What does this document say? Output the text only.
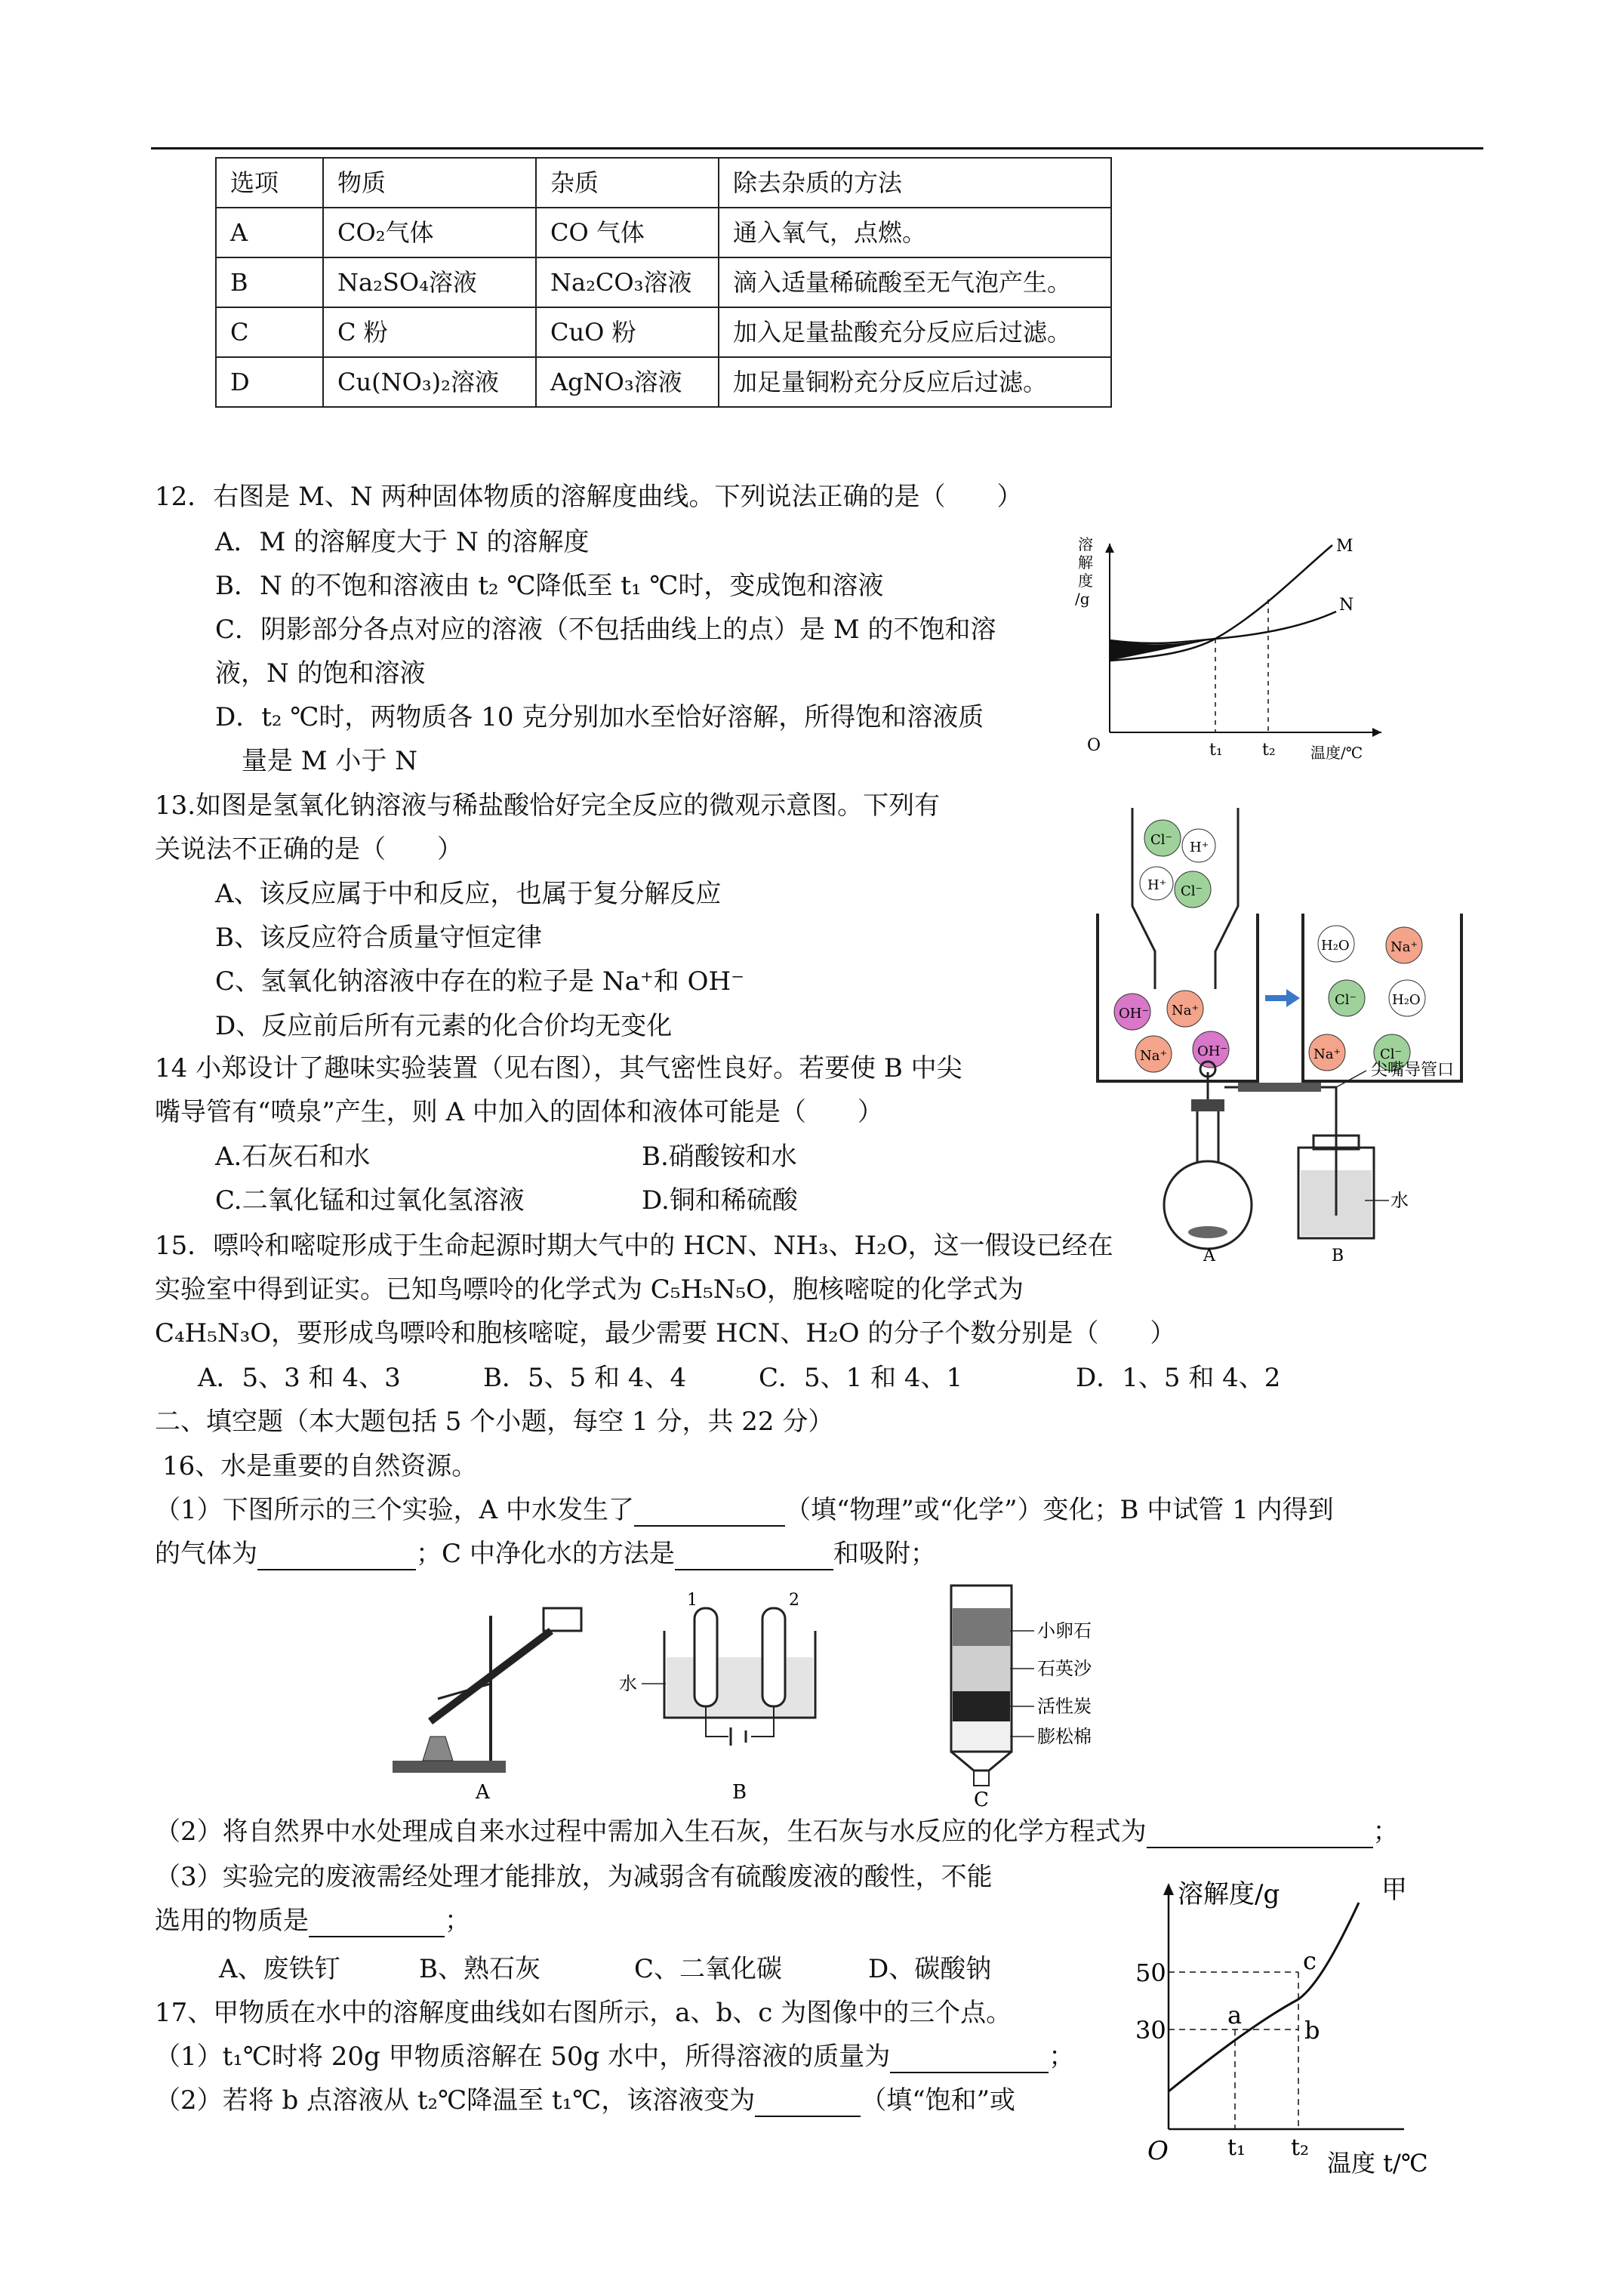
选项	物质	杂质	除去杂质的方法
A	CO₂气体	CO 气体	通入氧气，点燃。
B	Na₂SO₄溶液	Na₂CO₃溶液	滴入适量稀硫酸至无气泡产生。
C	C 粉	CuO 粉	加入足量盐酸充分反应后过滤。
D	Cu(NO₃)₂溶液	AgNO₃溶液	加足量铜粉充分反应后过滤。
12．右图是 M、N 两种固体物质的溶解度曲线。下列说法正确的是（　　）
A．M 的溶解度大于 N 的溶解度
B．N 的不饱和溶液由 t₂ ℃降低至 t₁ ℃时，变成饱和溶液
C．阴影部分各点对应的溶液（不包括曲线上的点）是 M 的不饱和溶
液，N 的饱和溶液
D．t₂ ℃时，两物质各 10 克分别加水至恰好溶解，所得饱和溶液质
量是 M 小于 N
溶
解
度
/g
O	t₁ t₂ 温度/℃
M
N
13.如图是氢氧化钠溶液与稀盐酸恰好完全反应的微观示意图。下列有
关说法不正确的是（　　）
A、该反应属于中和反应，也属于复分解反应
B、该反应符合质量守恒定律
C、氢氧化钠溶液中存在的粒子是 Na⁺和 OH⁻
D、反应前后所有元素的化合价均无变化
Cl⁻ H⁺
H⁺ Cl⁻
OH⁻ Na⁺
Na⁺ OH⁻
H₂O	Na⁺
Cl⁻	H₂O
Na⁺	Cl⁻
14 小郑设计了趣味实验装置（见右图），其气密性良好。若要使 B 中尖
嘴导管有“喷泉”产生，则 A 中加入的固体和液体可能是（　　）
A.石灰石和水	B.硝酸铵和水
C.二氧化锰和过氧化氢溶液	D.铜和稀硫酸
尖嘴导管口
水
A	B
15．嘌呤和嘧啶形成于生命起源时期大气中的 HCN、NH₃、H₂O，这一假设已经在
实验室中得到证实。已知鸟嘌呤的化学式为 C₅H₅N₅O，胞核嘧啶的化学式为
C₄H₅N₃O，要形成鸟嘌呤和胞核嘧啶，最少需要 HCN、H₂O 的分子个数分别是（　　）
A．5、3 和 4、3	B．5、5 和 4、4	C．5、1 和 4、1	D．1、5 和 4、2
二、填空题（本大题包括 5 个小题，每空 1 分，共 22 分）
16、水是重要的自然资源。
（1）下图所示的三个实验，A 中水发生了	（填“物理”或“化学”）变化；B 中试管 1 内得到
的气体为	；C 中净化水的方法是	和吸附；
A
水
1	2
B
小卵石
石英沙
活性炭
膨松棉
C
（2）将自然界中水处理成自来水过程中需加入生石灰，生石灰与水反应的化学方程式为	；
（3）实验完的废液需经处理才能排放，为减弱含有硫酸废液的酸性，不能
选用的物质是	；
A、废铁钉	B、熟石灰	C、二氧化碳	D、碳酸钠
17、甲物质在水中的溶解度曲线如右图所示，a、b、c 为图像中的三个点。
（1）t₁℃时将 20g 甲物质溶解在 50g 水中，所得溶液的质量为	；
（2）若将 b 点溶液从 t₂℃降温至 t₁℃，该溶液变为	（填“饱和”或
溶解度/g	甲
50
30
a
b
c
O	t₁ t₂
温度 t/℃
